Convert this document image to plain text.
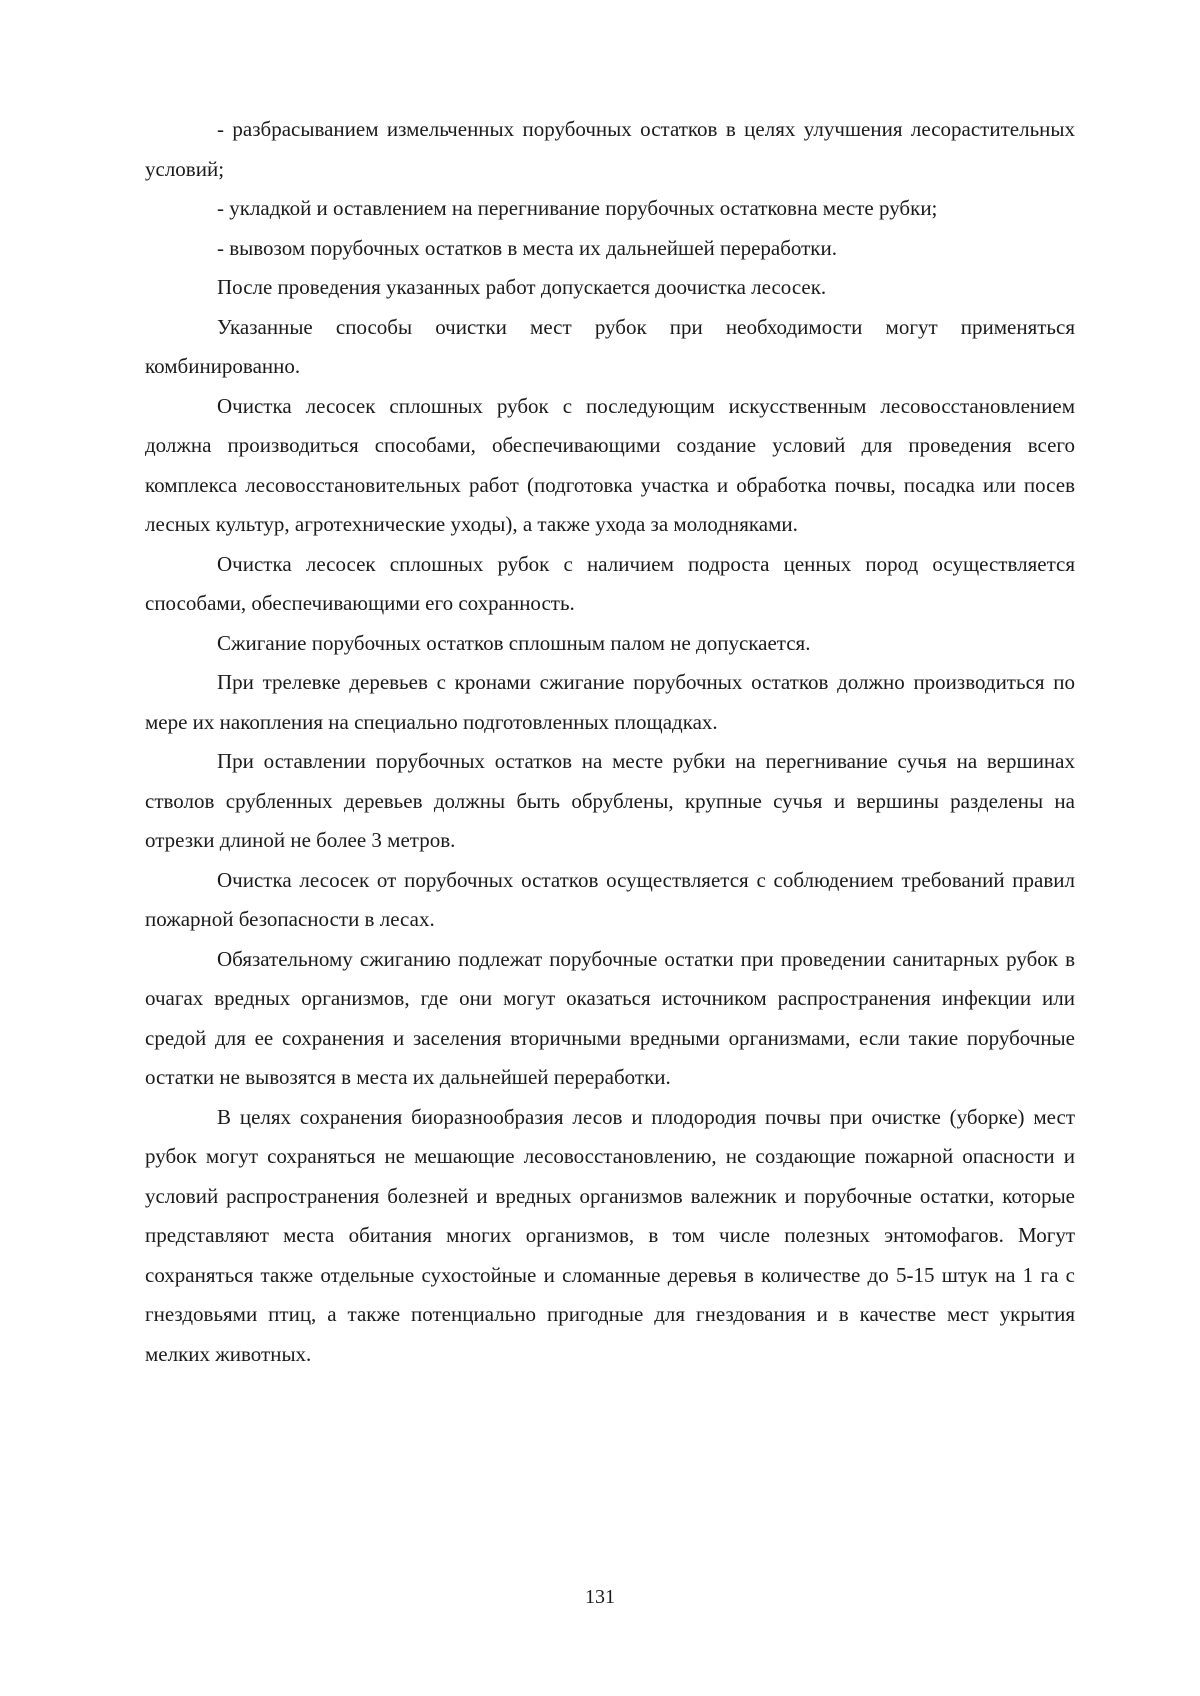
- разбрасыванием измельченных порубочных остатков в целях улучшения лесорастительных условий;

- укладкой и оставлением на перегнивание порубочных остатковна месте рубки;

- вывозом порубочных остатков в места их дальнейшей переработки.

После проведения указанных работ допускается доочистка лесосек.

Указанные способы очистки мест рубок при необходимости могут применяться комбинированно.

Очистка лесосек сплошных рубок с последующим искусственным лесовосстановлением должна производиться способами, обеспечивающими создание условий для проведения всего комплекса лесовосстановительных работ (подготовка участка и обработка почвы, посадка или посев лесных культур, агротехнические уходы), а также ухода за молодняками.

Очистка лесосек сплошных рубок с наличием подроста ценных пород осуществляется способами, обеспечивающими его сохранность.

Сжигание порубочных остатков сплошным палом не допускается.

При трелевке деревьев с кронами сжигание порубочных остатков должно производиться по мере их накопления на специально подготовленных площадках.

При оставлении порубочных остатков на месте рубки на перегнивание сучья на вершинах стволов срубленных деревьев должны быть обрублены, крупные сучья и вершины разделены на отрезки длиной не более 3 метров.

Очистка лесосек от порубочных остатков осуществляется с соблюдением требований правил пожарной безопасности в лесах.

Обязательному сжиганию подлежат порубочные остатки при проведении санитарных рубок в очагах вредных организмов, где они могут оказаться источником распространения инфекции или средой для ее сохранения и заселения вторичными вредными организмами, если такие порубочные остатки не вывозятся в места их дальнейшей переработки.

В целях сохранения биоразнообразия лесов и плодородия почвы при очистке (уборке) мест рубок могут сохраняться не мешающие лесовосстановлению, не создающие пожарной опасности и условий распространения болезней и вредных организмов валежник и порубочные остатки, которые представляют места обитания многих организмов, в том числе полезных энтомофагов. Могут сохраняться также отдельные сухостойные и сломанные деревья в количестве до 5-15 штук на 1 га с гнездовьями птиц, а также потенциально пригодные для гнездования и в качестве мест укрытия мелких животных.

131
